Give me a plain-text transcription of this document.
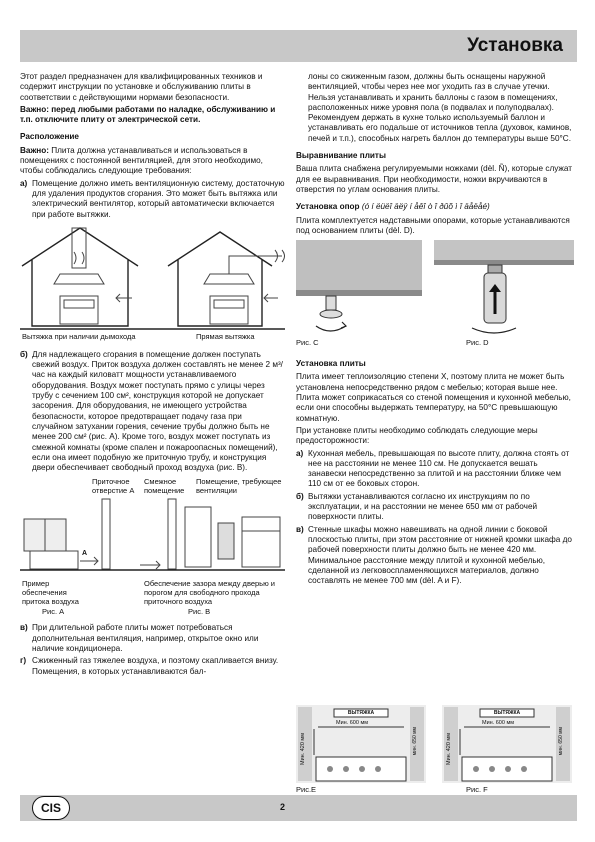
Установка

Этот раздел предназначен для квалифицированных техников и содержит инструкции по установке и обслуживанию плиты в соответствии с действующими нормами безопасности.

Важно: перед любыми работами по наладке, обслуживанию и т.п. отключите плиту от электрической сети.

Расположение

Важно: Плита должна устанавливаться и использоваться в помещениях с постоянной вентиляцией, для этого необходимо, чтобы соблюдались следующие требования:

а) Помещение должно иметь вентиляционную систему, достаточную для удаления продуктов сгорания. Это может быть вытяжка или электрический вентилятор, который автоматически включается при работе вытяжки.
Вытяжка при наличии дымохода	Прямая вытяжка
б) Для надлежащего сгорания в помещение должен поступать свежий воздух. Приток воздуха должен составлять не менее 2 м³/час на каждый киловатт мощности устанавливаемого оборудования. Воздух может поступать прямо с улицы через трубу с сечением 100 см², конструкция которой не допускает засорения. Для оборудования, не имеющего устройства безопасности, которое предотвращает подачу газа при случайном затухании горения, сечение трубы должно быть не менее 200 см² (рис. А). Кроме того, воздух может поступать из смежной комнаты (кроме спален и пожароопасных помещений), если она имеет подобную же приточную трубу, и конструкция двери обеспечивает свободный проход воздуха (рис. В).
Приточное отверстие А
Смежное помещение
Помещение, требующее вентиляции
A
Пример обеспечения притока воздуха
Обеспечение зазора между дверью и порогом для свободного прохода приточного воздуха
Рис. A	Рис. B
в) При длительной работе плиты может потребоваться дополнительная вентиляция, например, открытое окно или наличие кондиционера.
г) Сжиженный газ тяжелее воздуха, и поэтому скапливается внизу. Помещения, в которых устанавливаются бал-

лоны со сжиженным газом, должны быть оснащены наружной вентиляцией, чтобы через нее мог уходить газ в случае утечки. Нельзя устанавливать и хранить баллоны с газом в помещениях, расположенных ниже уровня пола (в подвалах и полуподвалах). Рекомендуем держать в кухне только используемый баллон и устанавливать его подальше от источников тепла (духовок, каминов, печей и т.п.), способных нагреть баллон до температуры выше 50°С.

Выравнивание плиты

Ваша плита снабжена регулируемыми ножками (dèl. Ñ), которые служат для ее выравнивания. При необходимости, ножки вкручиваются в отверстия по углам основания плиты.

Установка опор (ó í ëüëî äëÿ í åêî ò î ðûõ ì î äåëåé)

Плита комплектуется надставными опорами, которые устанавливаются под основанием плиты (dèl. D).

Рис. C	Рис. D
Установка плиты

Плита имеет теплоизоляцию степени Х, поэтому плита не может быть установлена непосредственно рядом с мебелью; которая выше нее. Плита может соприкасаться со стеной помещения и кухонной мебелью, если они способны выдержать температуру, на 50°С превышающую комнатную.

При установке плиты необходимо соблюдать следующие меры предосторожности:

а) Кухонная мебель, превышающая по высоте плиту, должна стоять от нее на расстоянии не менее 110 см. Не допускается вешать занавески непосредственно за плитой и на расстоянии ближе чем 110 см от ее боковых сторон.
б) Вытяжки устанавливаются согласно их инструкциям по по эксплуатации, и на расстоянии не менее 650 мм от рабочей поверхности плиты.
в) Стенные шкафы можно навешивать на одной линии с боковой плоскостью плиты, при этом расстояние от нижней кромки шкафа до рабочей поверхности плиты должно быть не менее 420 мм. Минимальное расстояние между плитой и кухонной мебелью, сделанной из легковоспламеняющихся материалов, должно составлять не менее 700 мм (dèl. A и F).
ВЫТЯЖКА
Мин. 600 мм
Мин. 420 мм	мин. 650 мм
Рис.E
ВЫТЯЖКА
Мин. 600 мм
Мин. 420 мм	мин. 650 мм
Рис. F
CIS	2
